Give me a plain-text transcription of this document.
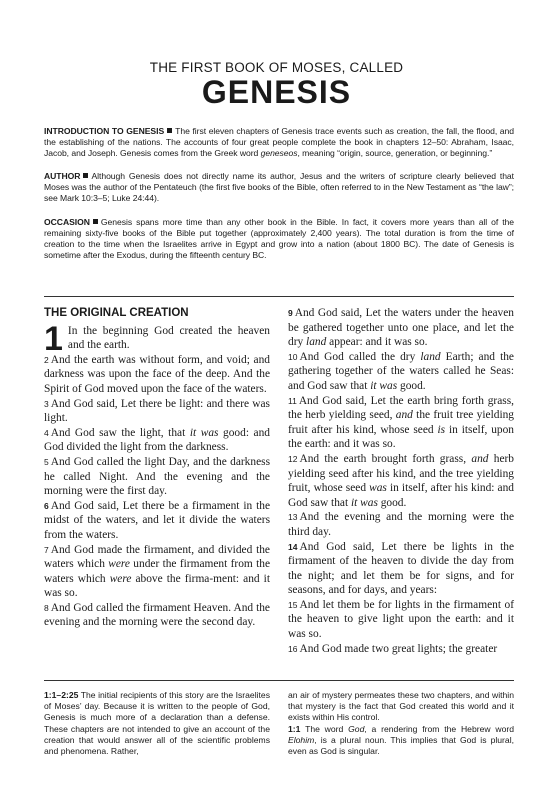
THE FIRST BOOK OF MOSES, CALLED
GENESIS
INTRODUCTION TO GENESIS The first eleven chapters of Genesis trace events such as creation, the fall, the flood, and the establishing of the nations. The accounts of four great people complete the book in chapters 12–50: Abraham, Isaac, Jacob, and Joseph. Genesis comes from the Greek word geneseos, meaning “origin, source, generation, or beginning.”
AUTHOR Although Genesis does not directly name its author, Jesus and the writers of scripture clearly believed that Moses was the author of the Pentateuch (the first five books of the Bible, often referred to in the New Testament as “the law”; see Mark 10:3–5; Luke 24:44).
OCCASION Genesis spans more time than any other book in the Bible. In fact, it covers more years than all of the remaining sixty-five books of the Bible put together (approximately 2,400 years). The total duration is from the time of creation to the time when the Israelites arrive in Egypt and grow into a nation (about 1800 BC). The date of Genesis is sometime after the Exodus, during the fifteenth century BC.
THE ORIGINAL CREATION

1 In the beginning God created the heaven and the earth.

2 And the earth was without form, and void; and darkness was upon the face of the deep. And the Spirit of God moved upon the face of the waters.

3 And God said, Let there be light: and there was light.

4 And God saw the light, that it was good: and God divided the light from the darkness.

5 And God called the light Day, and the darkness he called Night. And the evening and the morning were the first day.

6 And God said, Let there be a firmament in the midst of the waters, and let it divide the waters from the waters.

7 And God made the firmament, and divided the waters which were under the firmament from the waters which were above the firma-ment: and it was so.

8 And God called the firmament Heaven. And the evening and the morning were the second day.

9 And God said, Let the waters under the heaven be gathered together unto one place, and let the dry land appear: and it was so.

10 And God called the dry land Earth; and the gathering together of the waters called he Seas: and God saw that it was good.

11 And God said, Let the earth bring forth grass, the herb yielding seed, and the fruit tree yielding fruit after his kind, whose seed is in itself, upon the earth: and it was so.

12 And the earth brought forth grass, and herb yielding seed after his kind, and the tree yielding fruit, whose seed was in itself, after his kind: and God saw that it was good.

13 And the evening and the morning were the third day.

14 And God said, Let there be lights in the firmament of the heaven to divide the day from the night; and let them be for signs, and for seasons, and for days, and years:

15 And let them be for lights in the firmament of the heaven to give light upon the earth: and it was so.

16 And God made two great lights; the greater

1:1–2:25 The initial recipients of this story are the Israelites of Moses’ day. Because it is written to the people of God, Genesis is much more of a declaration than a defense. These chapters are not intended to give an account of the creation that would answer all of the scientific problems and phenomena. Rather,
an air of mystery permeates these two chapters, and within that mystery is the fact that God created this world and it exists within His control.
1:1 The word God, a rendering from the Hebrew word Elohim, is a plural noun. This implies that God is plural, even as God is singular.
